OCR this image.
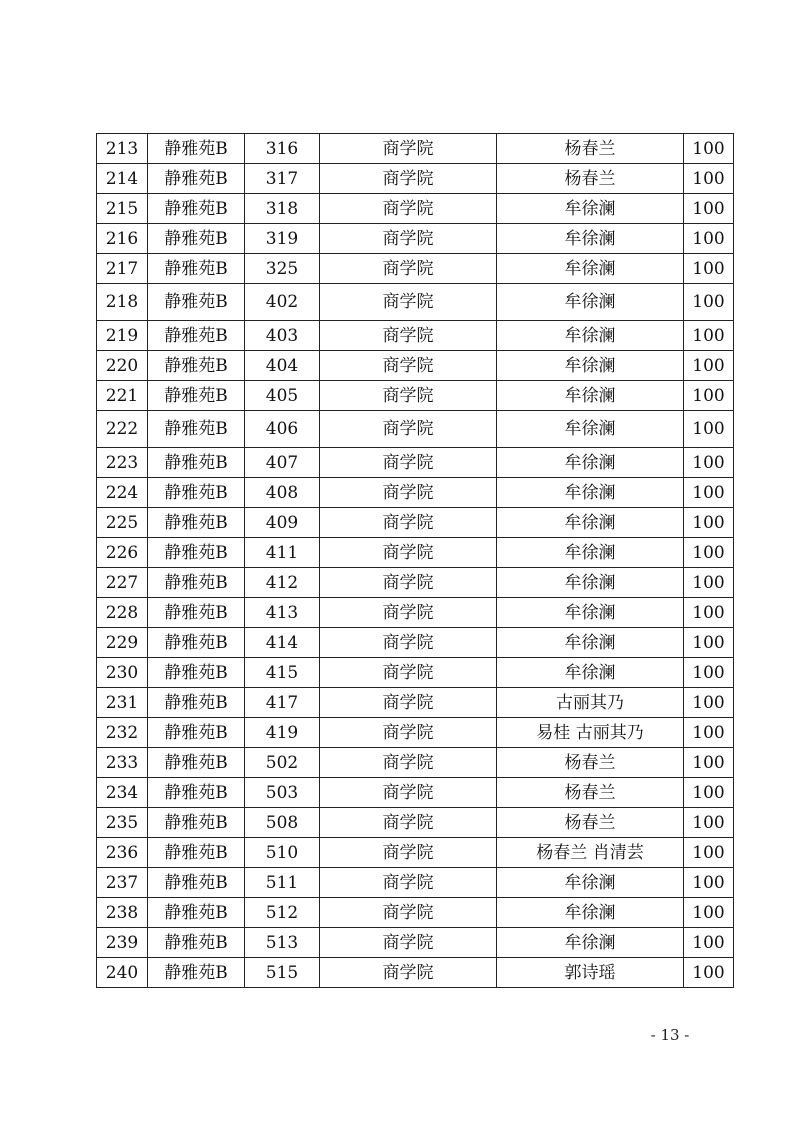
213	静雅苑B	316	商学院	杨春兰	100
214	静雅苑B	317	商学院	杨春兰	100
215	静雅苑B	318	商学院	牟徐澜	100
216	静雅苑B	319	商学院	牟徐澜	100
217	静雅苑B	325	商学院	牟徐澜	100
218	静雅苑B	402	商学院	牟徐澜	100
219	静雅苑B	403	商学院	牟徐澜	100
220	静雅苑B	404	商学院	牟徐澜	100
221	静雅苑B	405	商学院	牟徐澜	100
222	静雅苑B	406	商学院	牟徐澜	100
223	静雅苑B	407	商学院	牟徐澜	100
224	静雅苑B	408	商学院	牟徐澜	100
225	静雅苑B	409	商学院	牟徐澜	100
226	静雅苑B	411	商学院	牟徐澜	100
227	静雅苑B	412	商学院	牟徐澜	100
228	静雅苑B	413	商学院	牟徐澜	100
229	静雅苑B	414	商学院	牟徐澜	100
230	静雅苑B	415	商学院	牟徐澜	100
231	静雅苑B	417	商学院	古丽其乃	100
232	静雅苑B	419	商学院	易桂 古丽其乃	100
233	静雅苑B	502	商学院	杨春兰	100
234	静雅苑B	503	商学院	杨春兰	100
235	静雅苑B	508	商学院	杨春兰	100
236	静雅苑B	510	商学院	杨春兰 肖清芸	100
237	静雅苑B	511	商学院	牟徐澜	100
238	静雅苑B	512	商学院	牟徐澜	100
239	静雅苑B	513	商学院	牟徐澜	100
240	静雅苑B	515	商学院	郭诗瑶	100
- 13 -
